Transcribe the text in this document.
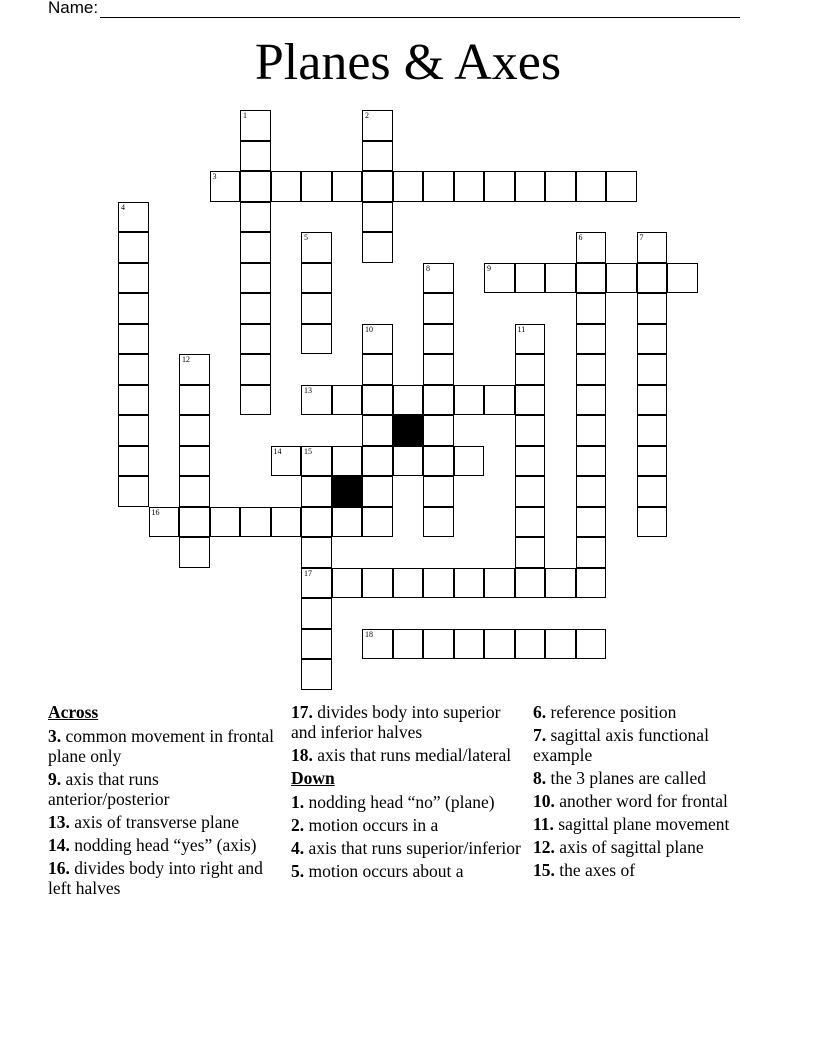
Name:
Planes & Axes
3
9
13
14	15
16
17
18
1	2
4
5	6	7
8
10	11
12
Across
3. common movement in frontal plane only
9. axis that runs anterior/posterior
13. axis of transverse plane
14. nodding head “yes” (axis)
16. divides body into right and left halves
17. divides body into superior and inferior halves
18. axis that runs medial/lateral
Down
1. nodding head “no” (plane)
2. motion occurs in a
4. axis that runs superior/inferior
5. motion occurs about a
6. reference position
7. sagittal axis functional example
8. the 3 planes are called
10. another word for frontal
11. sagittal plane movement
12. axis of sagittal plane
15. the axes of
